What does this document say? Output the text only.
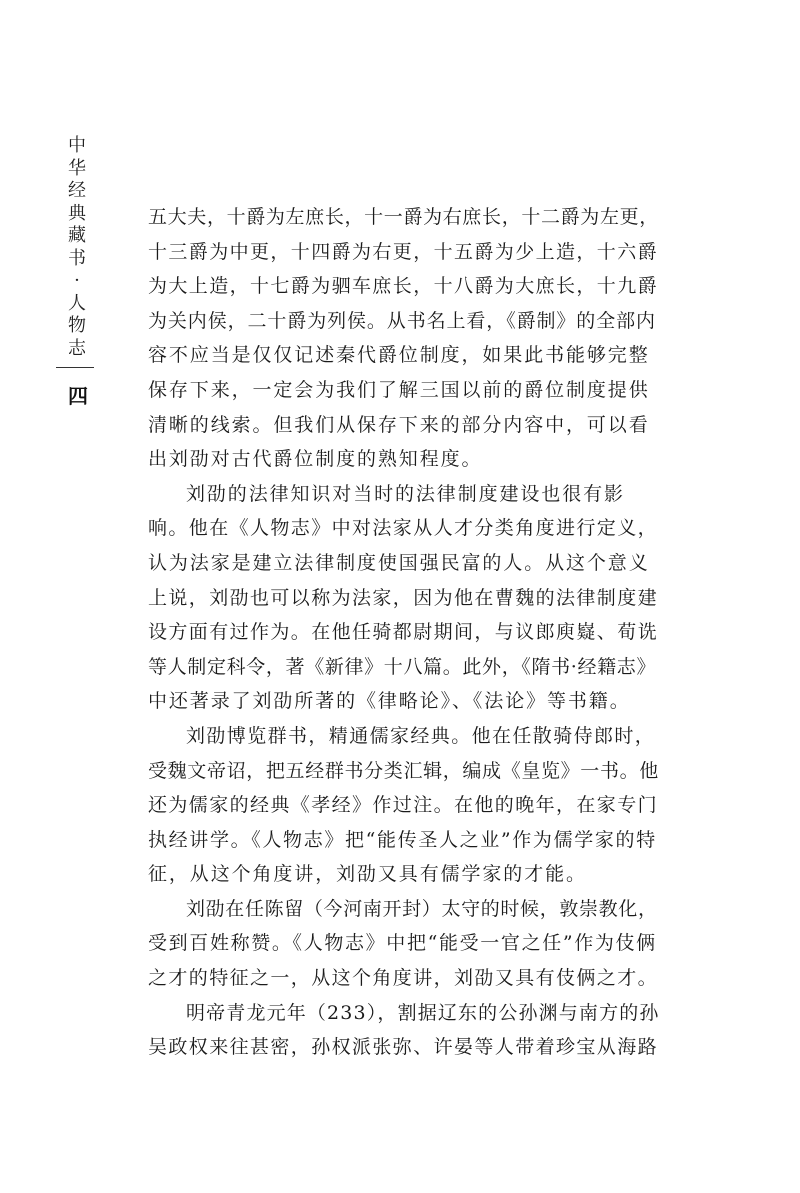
中
华
经
典
藏
书
·
人
物
志
四
五大夫，十爵为左庶长，十一爵为右庶长，十二爵为左更，
十三爵为中更，十四爵为右更，十五爵为少上造，十六爵
为大上造，十七爵为驷车庶长，十八爵为大庶长，十九爵
为关内侯，二十爵为列侯。从书名上看，《爵制》的全部内
容不应当是仅仅记述秦代爵位制度，如果此书能够完整
保存下来，一定会为我们了解三国以前的爵位制度提供
清晰的线索。但我们从保存下来的部分内容中，可以看
出刘劭对古代爵位制度的熟知程度。
刘劭的法律知识对当时的法律制度建设也很有影
响。他在《人物志》中对法家从人才分类角度进行定义，
认为法家是建立法律制度使国强民富的人。从这个意义
上说，刘劭也可以称为法家，因为他在曹魏的法律制度建
设方面有过作为。在他任骑都尉期间，与议郎庾嶷、荀诜
等人制定科令，著《新律》十八篇。此外，《隋书·经籍志》
中还著录了刘劭所著的《律略论》、《法论》等书籍。
刘劭博览群书，精通儒家经典。他在任散骑侍郎时，
受魏文帝诏，把五经群书分类汇辑，编成《皇览》一书。他
还为儒家的经典《孝经》作过注。在他的晚年，在家专门
执经讲学。《人物志》把“能传圣人之业”作为儒学家的特
征，从这个角度讲，刘劭又具有儒学家的才能。
刘劭在任陈留（今河南开封）太守的时候，敦崇教化，
受到百姓称赞。《人物志》中把“能受一官之任”作为伎俩
之才的特征之一，从这个角度讲，刘劭又具有伎俩之才。
明帝青龙元年（233），割据辽东的公孙渊与南方的孙
吴政权来往甚密，孙权派张弥、许晏等人带着珍宝从海路
